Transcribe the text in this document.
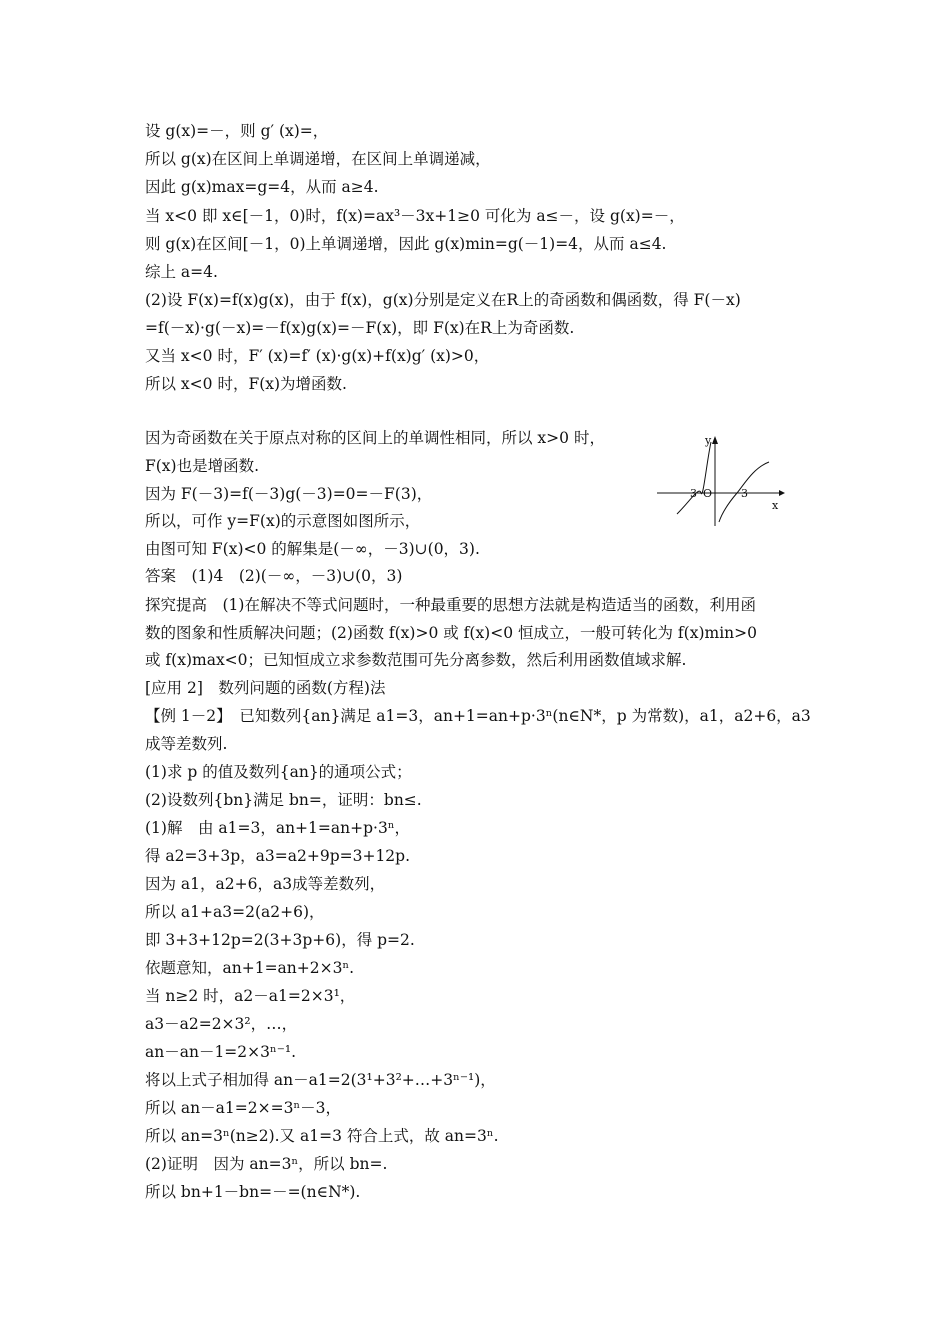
设 g(x)=－，则 g′ (x)=，
所以 g(x)在区间上单调递增，在区间上单调递减，
因此 g(x)max=g=4，从而 a≥4.
当 x<0 即 x∈[－1，0)时，f(x)=ax³－3x+1≥0 可化为 a≤－，设 g(x)=－，
则 g(x)在区间[－1，0)上单调递增，因此 g(x)min=g(－1)=4，从而 a≤4.
综上 a=4.
(2)设 F(x)=f(x)g(x)，由于 f(x)，g(x)分别是定义在R上的奇函数和偶函数，得 F(－x)
=f(－x)·g(－x)=－f(x)g(x)=－F(x)，即 F(x)在R上为奇函数.
又当 x<0 时，F′ (x)=f′ (x)·g(x)+f(x)g′ (x)>0，
所以 x<0 时，F(x)为增函数.
因为奇函数在关于原点对称的区间上的单调性相同，所以 x>0 时，
F(x)也是增函数.
因为 F(－3)=f(－3)g(－3)=0=－F(3)，
所以，可作 y=F(x)的示意图如图所示，
由图可知 F(x)<0 的解集是(－∞，－3)∪(0，3).
答案　(1)4　(2)(－∞，－3)∪(0，3)
探究提高　(1)在解决不等式问题时，一种最重要的思想方法就是构造适当的函数，利用函
数的图象和性质解决问题；(2)函数 f(x)>0 或 f(x)<0 恒成立，一般可转化为 f(x)min>0
或 f(x)max<0；已知恒成立求参数范围可先分离参数，然后利用函数值域求解.
[应用 2]　数列问题的函数(方程)法
【例 1－2】　已知数列{an}满足 a1=3，an+1=an+p·3ⁿ(n∈N*，p 为常数)，a1，a2+6，a3
成等差数列.
(1)求 p 的值及数列{an}的通项公式；
(2)设数列{bn}满足 bn=，证明：bn≤.
(1)解　由 a1=3，an+1=an+p·3ⁿ，
得 a2=3+3p，a3=a2+9p=3+12p.
因为 a1，a2+6，a3成等差数列，
所以 a1+a3=2(a2+6)，
即 3+3+12p=2(3+3p+6)，得 p=2.
依题意知，an+1=an+2×3ⁿ.
当 n≥2 时，a2－a1=2×3¹，
a3－a2=2×3²，…，
an－an－1=2×3ⁿ⁻¹.
将以上式子相加得 an－a1=2(3¹+3²+…+3ⁿ⁻¹)，
所以 an－a1=2×=3ⁿ－3，
所以 an=3ⁿ(n≥2).又 a1=3 符合上式，故 an=3ⁿ.
(2)证明　因为 an=3ⁿ，所以 bn=.
所以 bn+1－bn=－=(n∈N*).
y
x
O
－3	3
